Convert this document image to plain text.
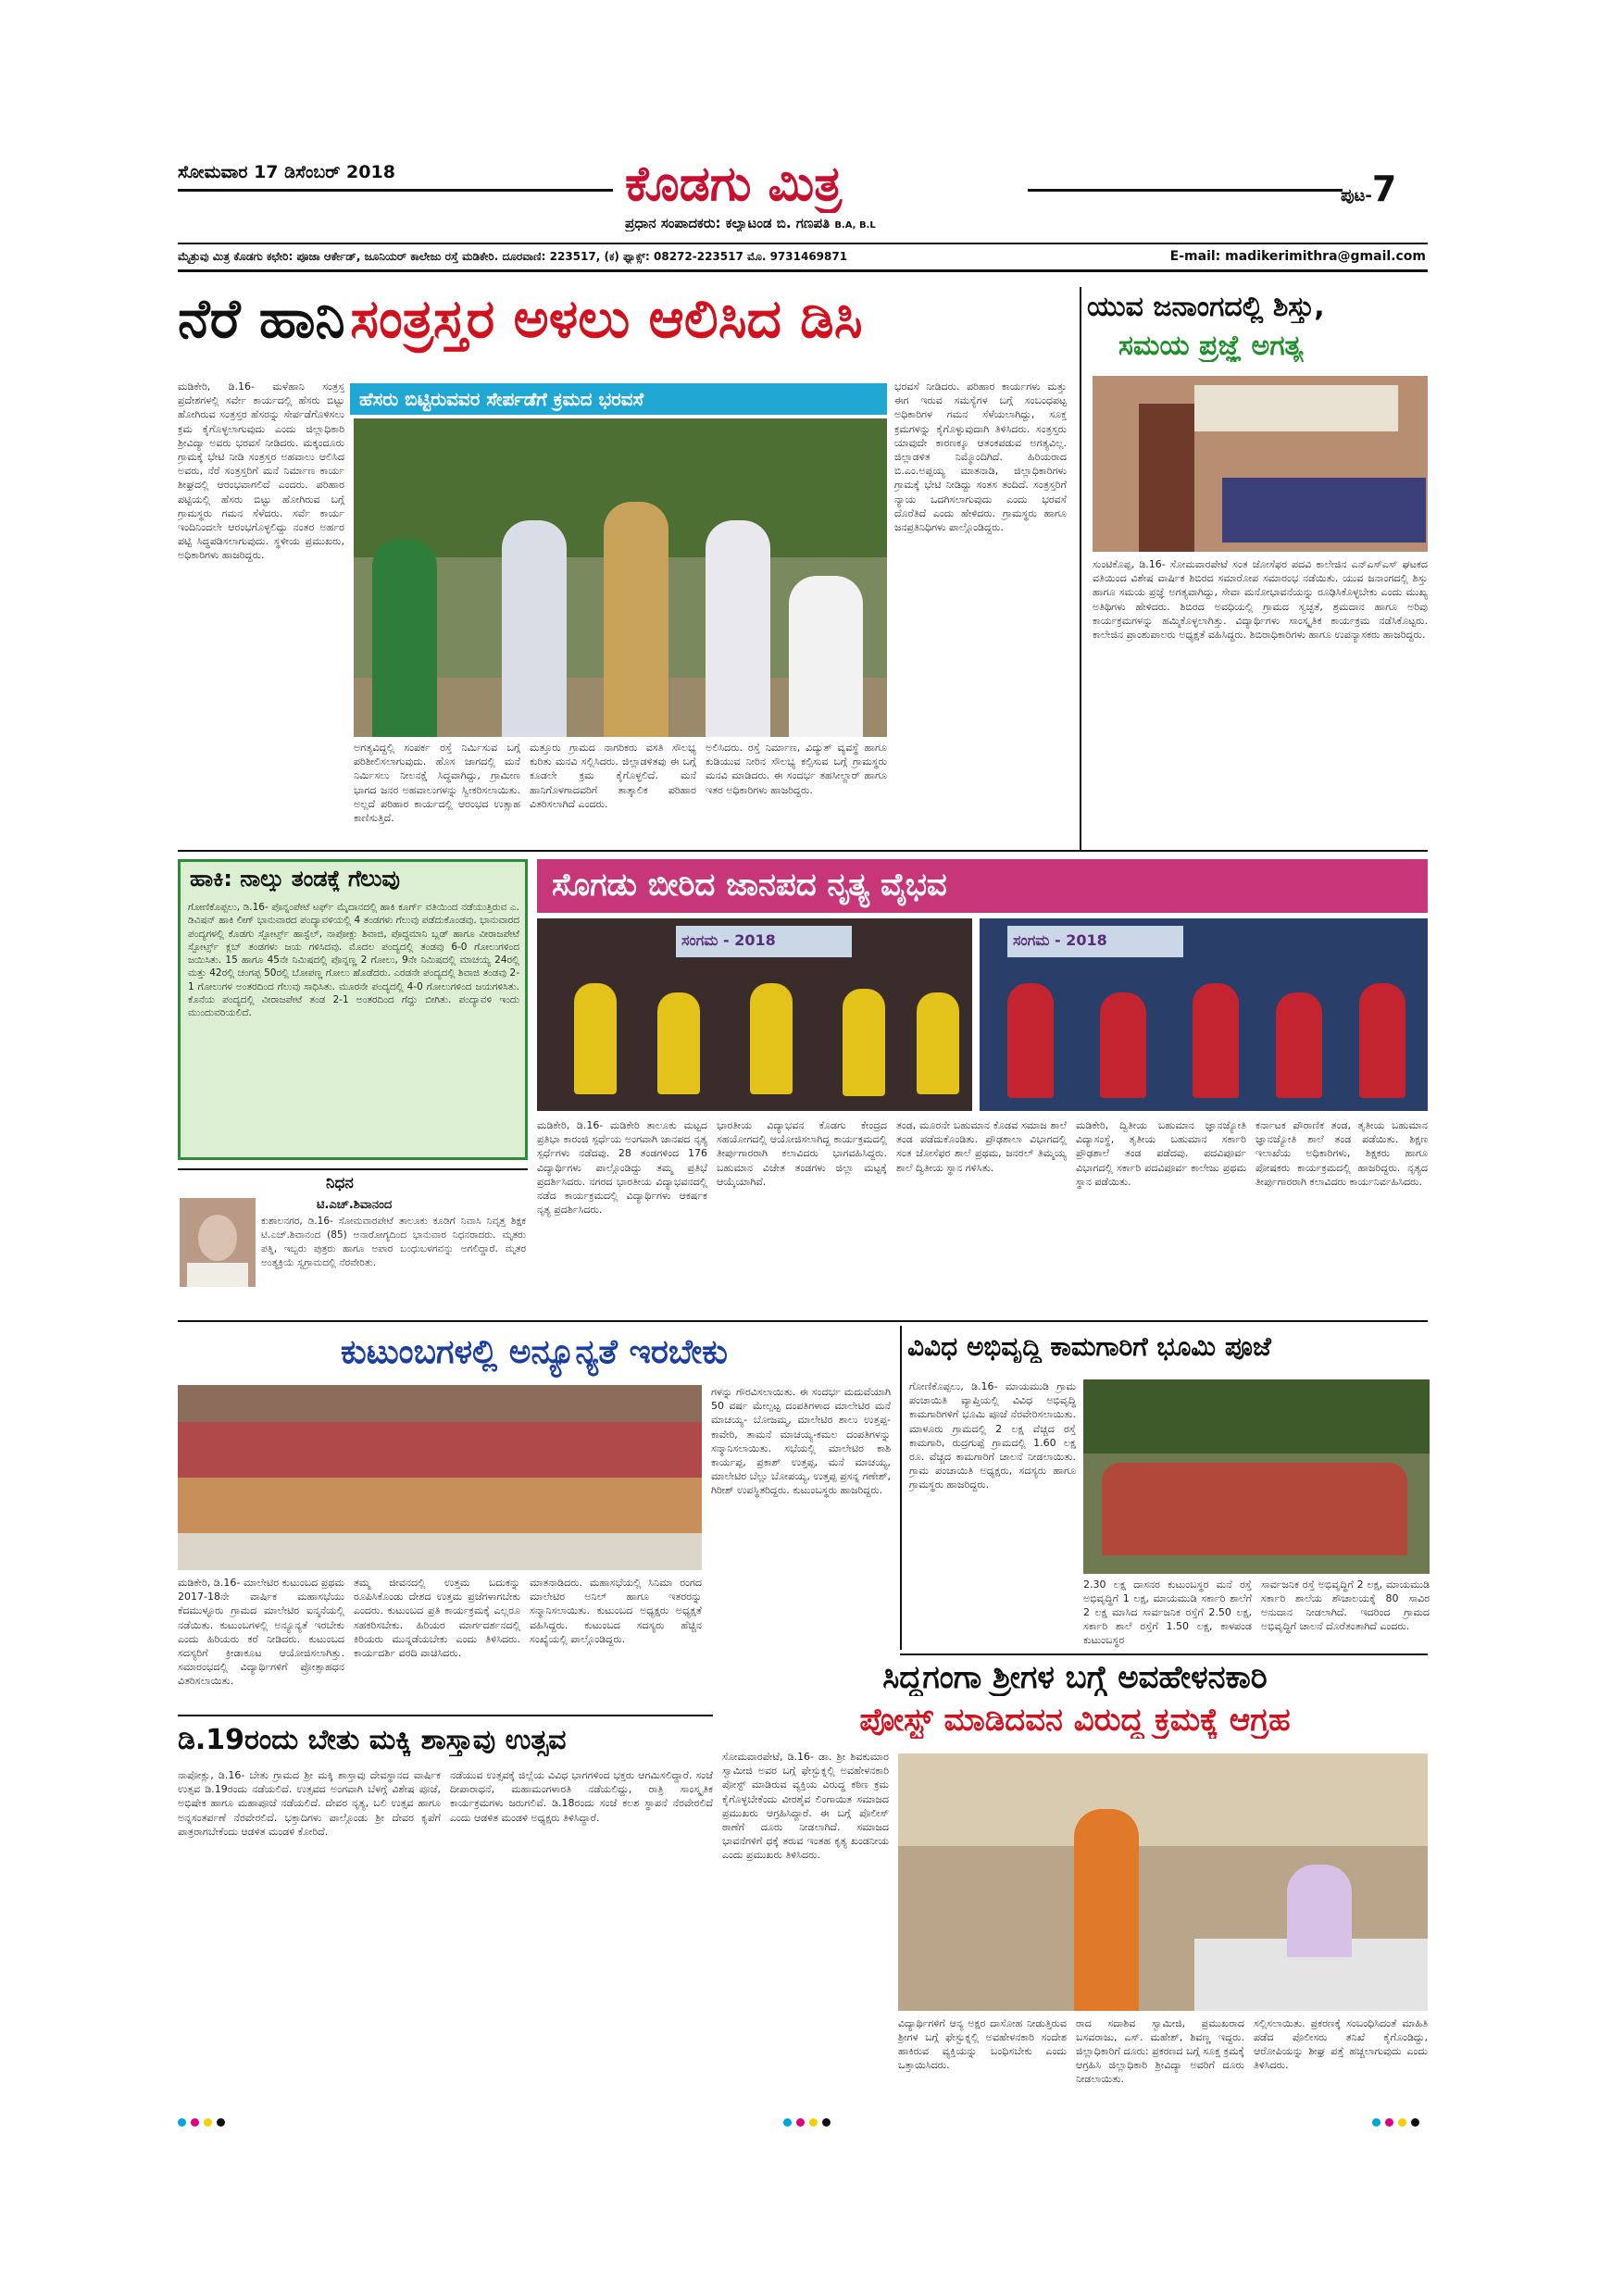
ಸೋಮವಾರ 17 ಡಿಸೆಂಬರ್ 2018	ಕೊಡಗು ಮಿತ್ರ	ಪುಟ-7
ಪ್ರಧಾನ ಸಂಪಾದಕರು: ಕಲ್ಯಾಟಂಡ ಬಿ. ಗಣಪತಿ B.A, B.L
ಮೈತ್ರುವು ಮಿತ್ರ ಕೊಡಗು ಕಛೇರಿ: ಪೂಜಾ ಆರ್ಕೇಡ್, ಜೂನಿಯರ್ ಕಾಲೇಜು ರಸ್ತೆ ಮಡಿಕೇರಿ. ದೂರವಾಣಿ: 223517, (ಕ) ಫ್ಯಾಕ್ಸ್: 08272-223517 ಮೊ. 9731469871	E-mail: madikerimithra@gmail.com
ನೆರೆ ಹಾನಿ ಸಂತ್ರಸ್ತರ ಅಳಲು ಆಲಿಸಿದ ಡಿಸಿ
ಮಡಿಕೇರಿ, ಡಿ.16- ಮಳೆಹಾನಿ ಸಂತ್ರಸ್ತ ಪ್ರದೇಶಗಳಲ್ಲಿ ಸರ್ವೇ ಕಾರ್ಯದಲ್ಲಿ ಹೆಸರು ಬಿಟ್ಟು ಹೋಗಿರುವ ಸಂತ್ರಸ್ತರ ಹೆಸರನ್ನು ಸೇರ್ಪಡೆಗೊಳಿಸಲು ಕ್ರಮ ಕೈಗೊಳ್ಳಲಾಗುವುದು ಎಂದು ಜಿಲ್ಲಾಧಿಕಾರಿ ಶ್ರೀವಿದ್ಯಾ ಅವರು ಭರವಸೆ ನೀಡಿದರು. ಮಕ್ಕಂದೂರು ಗ್ರಾಮಕ್ಕೆ ಭೇಟಿ ನೀಡಿ ಸಂತ್ರಸ್ತರ ಅಹವಾಲು ಆಲಿಸಿದ ಅವರು, ನೆರೆ ಸಂತ್ರಸ್ತರಿಗೆ ಮನೆ ನಿರ್ಮಾಣ ಕಾರ್ಯ ಶೀಘ್ರದಲ್ಲಿ ಆರಂಭವಾಗಲಿದೆ ಎಂದರು. ಪರಿಹಾರ ಪಟ್ಟಿಯಲ್ಲಿ ಹೆಸರು ಬಿಟ್ಟು ಹೋಗಿರುವ ಬಗ್ಗೆ ಗ್ರಾಮಸ್ಥರು ಗಮನ ಸೆಳೆದರು. ಸರ್ವೆ ಕಾರ್ಯ ಇಂದಿನಿಂದಲೇ ಆರಂಭಗೊಳ್ಳಲಿದ್ದು ನಂತರ ಅರ್ಹರ ಪಟ್ಟಿ ಸಿದ್ಧಪಡಿಸಲಾಗುವುದು. ಸ್ಥಳೀಯ ಪ್ರಮುಖರು, ಅಧಿಕಾರಿಗಳು ಹಾಜರಿದ್ದರು.
ಹೆಸರು ಬಿಟ್ಟಿರುವವರ ಸೇರ್ಪಡೆಗೆ ಕ್ರಮದ ಭರವಸೆ
ಅಗತ್ಯವಿದ್ದಲ್ಲಿ ಸಂಪರ್ಕ ರಸ್ತೆ ನಿರ್ಮಿಸುವ ಬಗ್ಗೆ ಪರಿಶೀಲಿಸಲಾಗುವುದು. ಹೊಸ ಜಾಗದಲ್ಲಿ ಮನೆ ನಿರ್ಮಿಸಲು ನೀಲನಕ್ಷೆ ಸಿದ್ಧವಾಗಿದ್ದು, ಗ್ರಾಮೀಣ ಭಾಗದ ಜನರ ಅಹವಾಲುಗಳನ್ನು ಸ್ವೀಕರಿಸಲಾಯಿತು. ಅಲ್ಲದೆ ಪರಿಹಾರ ಕಾರ್ಯದಲ್ಲಿ ಆರಂಭದ ಉತ್ಸಾಹ ಕಾಣಿಸುತ್ತಿದೆ.
ಮತ್ತೂರು ಗ್ರಾಮದ ನಾಗರಿಕರು ವಸತಿ ಸೌಲಭ್ಯ ಕುರಿತು ಮನವಿ ಸಲ್ಲಿಸಿದರು. ಜಿಲ್ಲಾಡಳಿತವು ಈ ಬಗ್ಗೆ ಕೂಡಲೇ ಕ್ರಮ ಕೈಗೊಳ್ಳಲಿದೆ. ಮನೆ ಹಾನಿಗೊಳಗಾದವರಿಗೆ ತಾತ್ಕಾಲಿಕ ಪರಿಹಾರ ವಿತರಿಸಲಾಗಿದೆ ಎಂದರು.
ಅಲಿಸಿದರು. ರಸ್ತೆ ನಿರ್ಮಾಣ, ವಿದ್ಯುತ್ ವ್ಯವಸ್ಥೆ ಹಾಗೂ ಕುಡಿಯುವ ನೀರಿನ ಸೌಲಭ್ಯ ಕಲ್ಪಿಸುವ ಬಗ್ಗೆ ಗ್ರಾಮಸ್ಥರು ಮನವಿ ಮಾಡಿದರು. ಈ ಸಂದರ್ಭ ತಹಸೀಲ್ದಾರ್ ಹಾಗೂ ಇತರ ಅಧಿಕಾರಿಗಳು ಹಾಜರಿದ್ದರು.
ಭರವಸೆ ನೀಡಿದರು. ಪರಿಹಾರ ಕಾರ್ಯಗಳು ಮತ್ತು ಈಗ ಇರುವ ಸಮಸ್ಯೆಗಳ ಬಗ್ಗೆ ಸಂಬಂಧಪಟ್ಟ ಅಧಿಕಾರಿಗಳ ಗಮನ ಸೆಳೆಯಲಾಗಿದ್ದು, ಸೂಕ್ತ ಕ್ರಮಗಳನ್ನು ಕೈಗೊಳ್ಳುವುದಾಗಿ ತಿಳಿಸಿದರು. ಸಂತ್ರಸ್ತರು ಯಾವುದೇ ಕಾರಣಕ್ಕೂ ಆತಂಕಪಡುವ ಅಗತ್ಯವಿಲ್ಲ. ಜಿಲ್ಲಾಡಳಿತ ನಿಮ್ಮೊಂದಿಗಿದೆ. ಹಿರಿಯರಾದ ಬಿ.ಎಂ.ಅಪ್ಪಯ್ಯ ಮಾತನಾಡಿ, ಜಿಲ್ಲಾಧಿಕಾರಿಗಳು ಗ್ರಾಮಕ್ಕೆ ಭೇಟಿ ನೀಡಿದ್ದು ಸಂತಸ ತಂದಿದೆ. ಸಂತ್ರಸ್ತರಿಗೆ ನ್ಯಾಯ ಒದಗಿಸಲಾಗುವುದು ಎಂದು ಭರವಸೆ ದೊರೆತಿದೆ ಎಂದು ಹೇಳಿದರು. ಗ್ರಾಮಸ್ಥರು ಹಾಗೂ ಜನಪ್ರತಿನಿಧಿಗಳು ಪಾಲ್ಗೊಂಡಿದ್ದರು.
ಯುವ ಜನಾಂಗದಲ್ಲಿ ಶಿಸ್ತು,
ಸಮಯ ಪ್ರಜ್ಞೆ ಅಗತ್ಯ
ಸುಂಟಿಕೊಪ್ಪ, ಡಿ.16- ಸೋಮವಾರಪೇಟೆ ಸಂತ ಜೋಸೆಫರ ಪದವಿ ಕಾಲೇಜಿನ ಎನ್ಎಸ್ಎಸ್ ಘಟಕದ ವತಿಯಿಂದ ವಿಶೇಷ ವಾರ್ಷಿಕ ಶಿಬಿರದ ಸಮಾರೋಪ ಸಮಾರಂಭ ನಡೆಯಿತು. ಯುವ ಜನಾಂಗದಲ್ಲಿ ಶಿಸ್ತು ಹಾಗೂ ಸಮಯ ಪ್ರಜ್ಞೆ ಅಗತ್ಯವಾಗಿದ್ದು, ಸೇವಾ ಮನೋಭಾವನೆಯನ್ನು ರೂಢಿಸಿಕೊಳ್ಳಬೇಕು ಎಂದು ಮುಖ್ಯ ಅತಿಥಿಗಳು ಹೇಳಿದರು. ಶಿಬಿರದ ಅವಧಿಯಲ್ಲಿ ಗ್ರಾಮದ ಸ್ವಚ್ಛತೆ, ಶ್ರಮದಾನ ಹಾಗೂ ಅರಿವು ಕಾರ್ಯಕ್ರಮಗಳನ್ನು ಹಮ್ಮಿಕೊಳ್ಳಲಾಗಿತ್ತು. ವಿದ್ಯಾರ್ಥಿಗಳು ಸಾಂಸ್ಕೃತಿಕ ಕಾರ್ಯಕ್ರಮ ನಡೆಸಿಕೊಟ್ಟರು. ಕಾಲೇಜಿನ ಪ್ರಾಂಶುಪಾಲರು ಅಧ್ಯಕ್ಷತೆ ವಹಿಸಿದ್ದರು. ಶಿಬಿರಾಧಿಕಾರಿಗಳು ಹಾಗೂ ಉಪನ್ಯಾಸಕರು ಹಾಜರಿದ್ದರು.
ಹಾಕಿ: ನಾಲ್ಕು ತಂಡಕ್ಕೆ ಗೆಲುವು
ಗೋಣಿಕೊಪ್ಪಲು, ಡಿ.16- ಪೊನ್ನಂಪೇಟೆ ಟರ್ಫ್ ಮೈದಾನದಲ್ಲಿ ಹಾಕಿ ಕೂರ್ಗ್ ವತಿಯಿಂದ ನಡೆಯುತ್ತಿರುವ ಎ. ಡಿವಿಷನ್ ಹಾಕಿ ಲೀಗ್ ಭಾನುವಾರದ ಪಂದ್ಯಾವಳಿಯಲ್ಲಿ 4 ತಂಡಗಳು ಗೆಲುವು ಪಡೆದುಕೊಂಡವು. ಭಾನುವಾರದ ಪಂದ್ಯಗಳಲ್ಲಿ ಕೊಡಗು ಸ್ಪೋರ್ಟ್ಸ್ ಹಾಸ್ಟೆಲ್, ನಾಪೋಕ್ಲು ಶಿವಾಜಿ, ಪೊದ್ದಮಾನಿ ಬ್ಲಡ್ ಹಾಗೂ ವೀರಾಜಪೇಟೆ ಸ್ಪೋರ್ಟ್ಸ್ ಕ್ಲಬ್ ತಂಡಗಳು ಜಯ ಗಳಿಸಿದವು. ಮೊದಲ ಪಂದ್ಯದಲ್ಲಿ ತಂಡವು 6-0 ಗೋಲುಗಳಿಂದ ಜಯಿಸಿತು. 15 ಹಾಗೂ 45ನೇ ನಿಮಿಷದಲ್ಲಿ ಪೊನ್ನಣ್ಣ 2 ಗೋಲು, 9ನೇ ನಿಮಿಷದಲ್ಲಿ ಮಾಚಯ್ಯ 24ರಲ್ಲಿ ಮತ್ತು 42ರಲ್ಲಿ ಚಂಗಪ್ಪ 50ರಲ್ಲಿ ಬೋಪಣ್ಣ ಗೋಲು ಹೊಡೆದರು. ಎರಡನೇ ಪಂದ್ಯದಲ್ಲಿ ಶಿವಾಜಿ ತಂಡವು 2-1 ಗೋಲುಗಳ ಅಂತರದಿಂದ ಗೆಲುವು ಸಾಧಿಸಿತು. ಮೂರನೇ ಪಂದ್ಯದಲ್ಲಿ 4-0 ಗೋಲುಗಳಿಂದ ಜಯಗಳಿಸಿತು. ಕೊನೆಯ ಪಂದ್ಯದಲ್ಲಿ ವೀರಾಜಪೇಟೆ ತಂಡ 2-1 ಅಂತರದಿಂದ ಗೆದ್ದು ಬೀಗಿತು. ಪಂದ್ಯಾವಳಿ ಇಂದು ಮುಂದುವರಿಯಲಿದೆ.
ನಿಧನ
ಟಿ.ಎಚ್.ಶಿವಾನಂದ
ಕುಶಾಲನಗರ, ಡಿ.16- ಸೋಮವಾರಪೇಟೆ ತಾಲೂಕು ಕೂಡಿಗೆ ನಿವಾಸಿ ನಿವೃತ್ತ ಶಿಕ್ಷಕ ಟಿ.ಎಚ್.ಶಿವಾನಂದ (85) ಅನಾರೋಗ್ಯದಿಂದ ಭಾನುವಾರ ನಿಧನರಾದರು. ಮೃತರು ಪತ್ನಿ, ಇಬ್ಬರು ಪುತ್ರರು ಹಾಗೂ ಅಪಾರ ಬಂಧುಬಳಗವನ್ನು ಅಗಲಿದ್ದಾರೆ. ಮೃತರ ಅಂತ್ಯಕ್ರಿಯೆ ಸ್ವಗ್ರಾಮದಲ್ಲಿ ನೆರವೇರಿತು.
ಸೊಗಡು ಬೀರಿದ ಜಾನಪದ ನೃತ್ಯ ವೈಭವ
ಸಂಗಮ - 2018	ಸಂಗಮ - 2018
ಮಡಿಕೇರಿ, ಡಿ.16- ಮಡಿಕೇರಿ ತಾಲೂಕು ಮಟ್ಟದ ಪ್ರತಿಭಾ ಕಾರಂಜಿ ಸ್ಪರ್ಧೆಯ ಅಂಗವಾಗಿ ಜಾನಪದ ನೃತ್ಯ ಸ್ಪರ್ಧೆಗಳು ನಡೆದವು. 28 ತಂಡಗಳಿಂದ 176 ವಿದ್ಯಾರ್ಥಿಗಳು ಪಾಲ್ಗೊಂಡಿದ್ದು ತಮ್ಮ ಪ್ರತಿಭೆ ಪ್ರದರ್ಶಿಸಿದರು. ನಗರದ ಭಾರತೀಯ ವಿದ್ಯಾಭವನದಲ್ಲಿ ನಡೆದ ಕಾರ್ಯಕ್ರಮದಲ್ಲಿ ವಿದ್ಯಾರ್ಥಿಗಳು ಆಕರ್ಷಕ ನೃತ್ಯ ಪ್ರದರ್ಶಿಸಿದರು.
ಭಾರತೀಯ ವಿದ್ಯಾಭವನ ಕೊಡಗು ಕೇಂದ್ರದ ಸಹಯೋಗದಲ್ಲಿ ಆಯೋಜಿಸಲಾಗಿದ್ದ ಕಾರ್ಯಕ್ರಮದಲ್ಲಿ ತೀರ್ಪುಗಾರರಾಗಿ ಕಲಾವಿದರು ಭಾಗವಹಿಸಿದ್ದರು. ಬಹುಮಾನ ವಿಜೇತ ತಂಡಗಳು ಜಿಲ್ಲಾ ಮಟ್ಟಕ್ಕೆ ಆಯ್ಕೆಯಾಗಿವೆ.
ತಂಡ, ಮೂರನೇ ಬಹುಮಾನ ಕೊಡವ ಸಮಾಜ ಶಾಲೆ ತಂಡ ಪಡೆದುಕೊಂಡಿತು. ಪ್ರೌಢಶಾಲಾ ವಿಭಾಗದಲ್ಲಿ ಸಂತ ಜೋಸೆಫರ ಶಾಲೆ ಪ್ರಥಮ, ಜನರಲ್ ತಿಮ್ಮಯ್ಯ ಶಾಲೆ ದ್ವಿತೀಯ ಸ್ಥಾನ ಗಳಿಸಿತು.
ಮಡಿಕೇರಿ, ದ್ವಿತೀಯ ಬಹುಮಾನ ಜ್ಞಾನಜ್ಯೋತಿ ವಿದ್ಯಾಸಂಸ್ಥೆ, ತೃತೀಯ ಬಹುಮಾನ ಸರ್ಕಾರಿ ಪ್ರೌಢಶಾಲೆ ತಂಡ ಪಡೆದವು. ಪದವಿಪೂರ್ವ ವಿಭಾಗದಲ್ಲಿ ಸರ್ಕಾರಿ ಪದವಿಪೂರ್ವ ಕಾಲೇಜು ಪ್ರಥಮ ಸ್ಥಾನ ಪಡೆಯಿತು.
ಕರ್ನಾಟಕ ಪೌರಾಣಿಕ ತಂಡ, ತೃತೀಯ ಬಹುಮಾನ ಜ್ಞಾನಜ್ಯೋತಿ ಶಾಲೆ ತಂಡ ಪಡೆಯಿತು. ಶಿಕ್ಷಣ ಇಲಾಖೆಯ ಅಧಿಕಾರಿಗಳು, ಶಿಕ್ಷಕರು ಹಾಗೂ ಪೋಷಕರು ಕಾರ್ಯಕ್ರಮದಲ್ಲಿ ಹಾಜರಿದ್ದರು. ನೃತ್ಯದ ತೀರ್ಪುಗಾರರಾಗಿ ಕಲಾವಿದರು ಕಾರ್ಯನಿರ್ವಹಿಸಿದರು.
ಕುಟುಂಬಗಳಲ್ಲಿ ಅನ್ಯೂನ್ಯತೆ ಇರಬೇಕು
ಮಡಿಕೇರಿ, ಡಿ.16- ಮಾಲೇಟಿರ ಕುಟುಂಬದ ಪ್ರಥಮ 2017-18ನೇ ವಾರ್ಷಿಕ ಮಹಾಸಭೆಯು ಕೆದಮುಳ್ಳೂರು ಗ್ರಾಮದ ಮಾಲೇಟಿರ ಐನ್ಮನೆಯಲ್ಲಿ ನಡೆಯಿತು. ಕುಟುಂಬಗಳಲ್ಲಿ ಅನ್ಯೂನ್ಯತೆ ಇರಬೇಕು ಎಂದು ಹಿರಿಯರು ಕರೆ ನೀಡಿದರು. ಕುಟುಂಬದ ಸದಸ್ಯರಿಗೆ ಕ್ರೀಡಾಕೂಟ ಆಯೋಜಿಸಲಾಗಿತ್ತು. ಸಮಾರಂಭದಲ್ಲಿ ವಿದ್ಯಾರ್ಥಿಗಳಿಗೆ ಪ್ರೋತ್ಸಾಹಧನ ವಿತರಿಸಲಾಯಿತು.
ತಮ್ಮ ಜೀವನದಲ್ಲಿ ಉತ್ತಮ ಬದುಕನ್ನು ರೂಪಿಸಿಕೊಂಡು ದೇಶದ ಉತ್ತಮ ಪ್ರಜೆಗಳಾಗಬೇಕು ಎಂದರು. ಕುಟುಂಬದ ಪ್ರತಿ ಕಾರ್ಯಕ್ರಮಕ್ಕೆ ಎಲ್ಲರೂ ಸಹಕರಿಸಬೇಕು. ಹಿರಿಯರ ಮಾರ್ಗದರ್ಶನದಲ್ಲಿ ಕಿರಿಯರು ಮುನ್ನಡೆಯಬೇಕು ಎಂದು ತಿಳಿಸಿದರು. ಕಾರ್ಯದರ್ಶಿ ವರದಿ ವಾಚಿಸಿದರು.
ಮಾತನಾಡಿದರು. ಮಹಾಸಭೆಯಲ್ಲಿ ಸಿನಿಮಾ ರಂಗದ ಮಾಲೇಟಿರ ಅನಿಲ್ ಹಾಗೂ ಇತರರನ್ನು ಸನ್ಮಾನಿಸಲಾಯಿತು. ಕುಟುಂಬದ ಅಧ್ಯಕ್ಷರು ಅಧ್ಯಕ್ಷತೆ ವಹಿಸಿದ್ದರು. ಕುಟುಂಬದ ಸದಸ್ಯರು ಹೆಚ್ಚಿನ ಸಂಖ್ಯೆಯಲ್ಲಿ ಪಾಲ್ಗೊಂಡಿದ್ದರು.
ಗಳನ್ನು ಗೌರವಿಸಲಾಯಿತು. ಈ ಸಂದರ್ಭ ಮದುವೆಯಾಗಿ 50 ವರ್ಷ ಮೇಲ್ಪಟ್ಟ ದಂಪತಿಗಳಾದ ಮಾಲೇಟಿರ ಮನೆ ಮಾಚಯ್ಯ- ಬೋಜಮ್ಮ, ಮಾಲೇಟಿರ ಶಾಲು ಉತ್ತಪ್ಪ-ಕಾವೇರಿ, ತಾಮನೆ ಮಾಚಯ್ಯ-ಕಮಲ ದಂಪತಿಗಳನ್ನು ಸನ್ಮಾನಿಸಲಾಯಿತು. ಸಭೆಯಲ್ಲಿ ಮಾಲೇಟಿರ ಕಾಶಿ ಕಾರ್ಯಪ್ಪ, ಪ್ರಕಾಶ್ ಉತ್ತಪ್ಪ, ಮನೆ ಮಾಚಯ್ಯ, ಮಾಲೇಟಿರ ಬೆಲ್ಲು ಬೋಪಯ್ಯ, ಉತ್ತಪ್ಪ ಪ್ರಸನ್ನ ಗಣೇಶ್, ಗಿರೀಶ್ ಉಪಸ್ಥಿತರಿದ್ದರು. ಕುಟುಂಬಸ್ಥರು ಹಾಜರಿದ್ದರು.
ವಿವಿಧ ಅಭಿವೃದ್ಧಿ ಕಾಮಗಾರಿಗೆ ಭೂಮಿ ಪೂಜೆ
ಗೋಣಿಕೊಪ್ಪಲು, ಡಿ.16- ಮಾಯಮುಡಿ ಗ್ರಾಮ ಪಂಚಾಯಿತಿ ವ್ಯಾಪ್ತಿಯಲ್ಲಿ ವಿವಿಧ ಅಭಿವೃದ್ಧಿ ಕಾಮಗಾರಿಗಳಿಗೆ ಭೂಮಿ ಪೂಜೆ ನೆರವೇರಿಸಲಾಯಿತು. ಮಾಳೂರು ಗ್ರಾಮದಲ್ಲಿ 2 ಲಕ್ಷ ವೆಚ್ಚದ ರಸ್ತೆ ಕಾಮಗಾರಿ, ರುದ್ರಗುಪ್ಪೆ ಗ್ರಾಮದಲ್ಲಿ 1.60 ಲಕ್ಷ ರೂ. ವೆಚ್ಚದ ಕಾಮಗಾರಿಗೆ ಚಾಲನೆ ನೀಡಲಾಯಿತು. ಗ್ರಾಮ ಪಂಚಾಯಿತಿ ಅಧ್ಯಕ್ಷರು, ಸದಸ್ಯರು ಹಾಗೂ ಗ್ರಾಮಸ್ಥರು ಹಾಜರಿದ್ದರು.
2.30 ಲಕ್ಷ ದಾಸನರ ಕುಟುಂಬಸ್ಥರ ಮನೆ ರಸ್ತೆ ಅಭಿವೃದ್ಧಿಗೆ 1 ಲಕ್ಷ, ಮಾಯಮುಡಿ ಸರ್ಕಾರಿ ಶಾಲೆಗೆ 2 ಲಕ್ಷ ಮಾಸಿದ ಸಾರ್ವಜನಿಕ ರಸ್ತೆಗೆ 2.50 ಲಕ್ಷ, ಸರ್ಕಾರಿ ಶಾಲೆ ರಸ್ತೆಗೆ 1.50 ಲಕ್ಷ, ಕಾಳಪಂಡ ಕುಟುಂಬಸ್ಥರ
ಸಾರ್ವಜನಿಕ ರಸ್ತೆ ಅಭಿವೃದ್ಧಿಗೆ 2 ಲಕ್ಷ, ಮಾಯಮುಡಿ ಸರ್ಕಾರಿ ಶಾಲೆಯ ಶೌಚಾಲಯಕ್ಕೆ 80 ಸಾವಿರ ಅನುದಾನ ನೀಡಲಾಗಿದೆ. ಇದರಿಂದ ಗ್ರಾಮದ ಅಭಿವೃದ್ಧಿಗೆ ಚಾಲನೆ ದೊರೆತಂತಾಗಿದೆ ಎಂದರು.
ಸಿದ್ದಗಂಗಾ ಶ್ರೀಗಳ ಬಗ್ಗೆ ಅವಹೇಳನಕಾರಿ
ಪೋಸ್ಟ್ ಮಾಡಿದವನ ವಿರುದ್ಧ ಕ್ರಮಕ್ಕೆ ಆಗ್ರಹ
ಸೋಮವಾರಪೇಟೆ, ಡಿ.16- ಡಾ. ಶ್ರೀ ಶಿವಕುಮಾರ ಸ್ವಾಮೀಜಿ ಅವರ ಬಗ್ಗೆ ಫೇಸ್ಬುಕ್ನಲ್ಲಿ ಅವಹೇಳನಕಾರಿ ಪೋಸ್ಟ್ ಮಾಡಿರುವ ವ್ಯಕ್ತಿಯ ವಿರುದ್ಧ ಕಠಿಣ ಕ್ರಮ ಕೈಗೊಳ್ಳಬೇಕೆಂದು ವೀರಶೈವ ಲಿಂಗಾಯಿತ ಸಮಾಜದ ಪ್ರಮುಖರು ಆಗ್ರಹಿಸಿದ್ದಾರೆ. ಈ ಬಗ್ಗೆ ಪೊಲೀಸ್ ಠಾಣೆಗೆ ದೂರು ನೀಡಲಾಗಿದೆ. ಸಮಾಜದ ಭಾವನೆಗಳಿಗೆ ಧಕ್ಕೆ ತರುವ ಇಂತಹ ಕೃತ್ಯ ಖಂಡನೀಯ ಎಂದು ಪ್ರಮುಖರು ತಿಳಿಸಿದರು.
ವಿದ್ಯಾರ್ಥಿಗಳಿಗೆ ಆನ್ಯ ಅಕ್ಷರ ದಾಸೋಹ ನೀಡುತ್ತಿರುವ ಶ್ರೀಗಳ ಬಗ್ಗೆ ಫೇಸ್ಬುಕ್ನಲ್ಲಿ ಅವಹೇಳನಕಾರಿ ಸಂದೇಶ ಹಾಕಿರುವ ವ್ಯಕ್ತಿಯನ್ನು ಬಂಧಿಸಬೇಕು ಎಂದು ಒತ್ತಾಯಿಸಿದರು.
ರಾದ ಸದಾಶಿವ ಸ್ವಾಮೀಜಿ, ಪ್ರಮುಖರಾದ ಬಸವರಾಜು, ಎಸ್. ಮಹೇಶ್, ಶಿವಣ್ಣ ಇದ್ದರು. ಜಿಲ್ಲಾಧಿಕಾರಿಗೆ ದೂರು: ಪ್ರಕರಣದ ಬಗ್ಗೆ ಸೂಕ್ತ ಕ್ರಮಕ್ಕೆ ಆಗ್ರಹಿಸಿ ಜಿಲ್ಲಾಧಿಕಾರಿ ಶ್ರೀವಿದ್ಯಾ ಅವರಿಗೆ ದೂರು ನೀಡಲಾಯಿತು.
ಸಲ್ಲಿಸಲಾಯಿತು. ಪ್ರಕರಣಕ್ಕೆ ಸಂಬಂಧಿಸಿದಂತೆ ಮಾಹಿತಿ ಪಡೆದ ಪೊಲೀಸರು ತನಿಖೆ ಕೈಗೊಂಡಿದ್ದು, ಆರೋಪಿಯನ್ನು ಶೀಘ್ರ ಪತ್ತೆ ಹಚ್ಚಲಾಗುವುದು ಎಂದು ತಿಳಿಸಿದರು.
ಡಿ.19ರಂದು ಬೇತು ಮಕ್ಕಿ ಶಾಸ್ತಾವು ಉತ್ಸವ
ನಾಪೋಕ್ಲು, ಡಿ.16- ಬೇತು ಗ್ರಾಮದ ಶ್ರೀ ಮಕ್ಕಿ ಶಾಸ್ತಾವು ದೇವಸ್ಥಾನದ ವಾರ್ಷಿಕ ಉತ್ಸವ ಡಿ.19ರಂದು ನಡೆಯಲಿದೆ. ಉತ್ಸವದ ಅಂಗವಾಗಿ ಬೆಳಗ್ಗೆ ವಿಶೇಷ ಪೂಜೆ, ಅಭಿಷೇಕ ಹಾಗೂ ಮಹಾಪೂಜೆ ನಡೆಯಲಿದೆ. ದೇವರ ನೃತ್ಯ, ಬಲಿ ಉತ್ಸವ ಹಾಗೂ ಅನ್ನಸಂತರ್ಪಣೆ ನೆರವೇರಲಿದೆ. ಭಕ್ತಾದಿಗಳು ಪಾಲ್ಗೊಂಡು ಶ್ರೀ ದೇವರ ಕೃಪೆಗೆ ಪಾತ್ರರಾಗಬೇಕೆಂದು ಆಡಳಿತ ಮಂಡಳಿ ಕೋರಿದೆ.
ನಡೆಯುವ ಉತ್ಸವಕ್ಕೆ ಜಿಲ್ಲೆಯ ವಿವಿಧ ಭಾಗಗಳಿಂದ ಭಕ್ತರು ಆಗಮಿಸಲಿದ್ದಾರೆ. ಸಂಜೆ ದೀಪಾರಾಧನೆ, ಮಹಾಮಂಗಳಾರತಿ ನಡೆಯಲಿದ್ದು, ರಾತ್ರಿ ಸಾಂಸ್ಕೃತಿಕ ಕಾರ್ಯಕ್ರಮಗಳು ಜರುಗಲಿವೆ. ಡಿ.18ರಂದು ಸಂಜೆ ಕಲಶ ಸ್ಥಾಪನೆ ನೆರವೇರಲಿದೆ ಎಂದು ಆಡಳಿತ ಮಂಡಳಿ ಅಧ್ಯಕ್ಷರು ತಿಳಿಸಿದ್ದಾರೆ.
